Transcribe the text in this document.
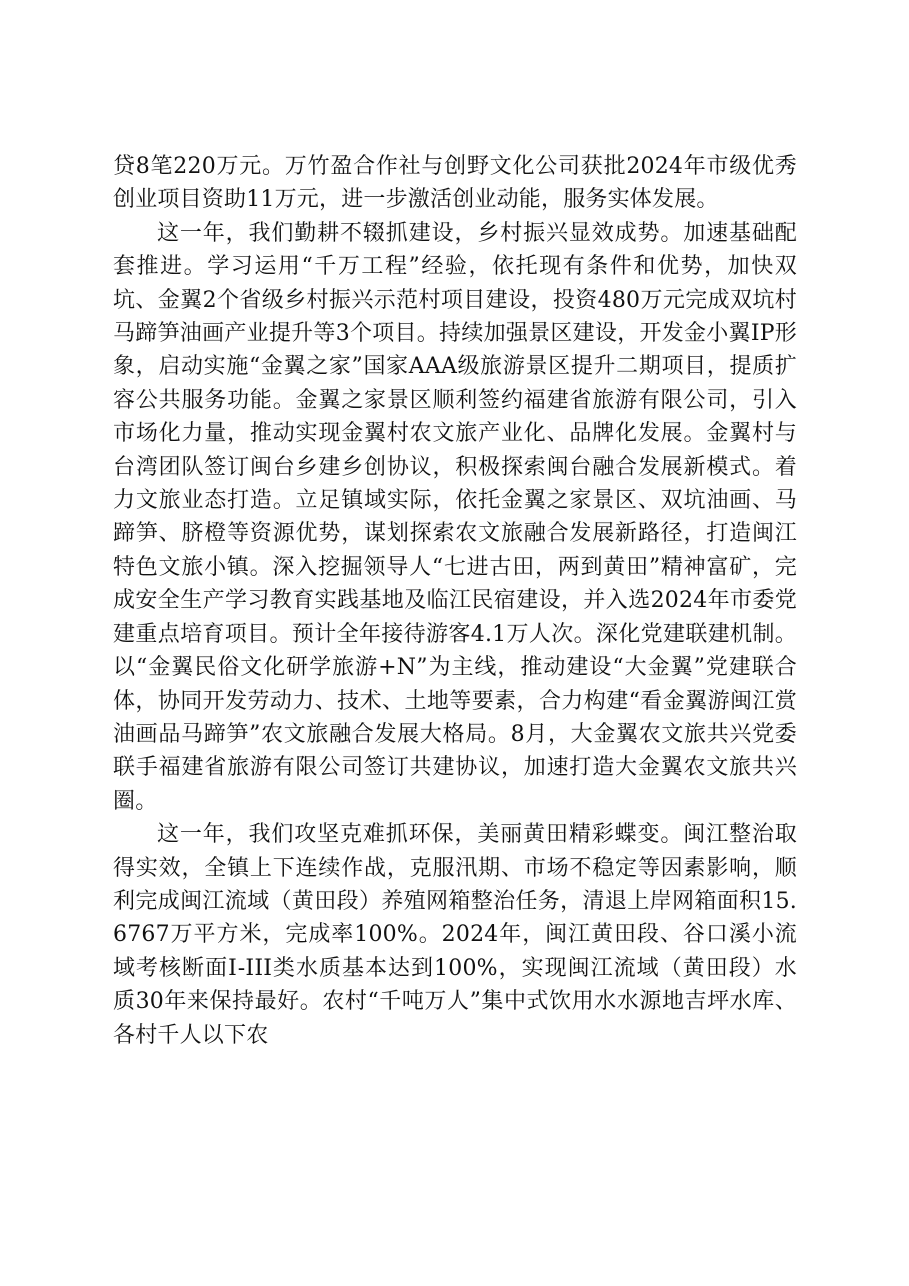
贷8笔220万元。万竹盈合作社与创野文化公司获批2024年市级优秀创业项目资助11万元，进一步激活创业动能，服务实体发展。

这一年，我们勤耕不辍抓建设，乡村振兴显效成势。加速基础配套推进。学习运用“千万工程”经验，依托现有条件和优势，加快双坑、金翼2个省级乡村振兴示范村项目建设，投资480万元完成双坑村马蹄笋油画产业提升等3个项目。持续加强景区建设，开发金小翼IP形象，启动实施“金翼之家”国家AAA级旅游景区提升二期项目，提质扩容公共服务功能。金翼之家景区顺利签约福建省旅游有限公司，引入市场化力量，推动实现金翼村农文旅产业化、品牌化发展。金翼村与台湾团队签订闽台乡建乡创协议，积极探索闽台融合发展新模式。着力文旅业态打造。立足镇域实际，依托金翼之家景区、双坑油画、马蹄笋、脐橙等资源优势，谋划探索农文旅融合发展新路径，打造闽江特色文旅小镇。深入挖掘领导人“七进古田，两到黄田”精神富矿，完成安全生产学习教育实践基地及临江民宿建设，并入选2024年市委党建重点培育项目。预计全年接待游客4.1万人次。深化党建联建机制。以“金翼民俗文化研学旅游+N”为主线，推动建设“大金翼”党建联合体，协同开发劳动力、技术、土地等要素，合力构建“看金翼游闽江赏油画品马蹄笋”农文旅融合发展大格局。8月，大金翼农文旅共兴党委联手福建省旅游有限公司签订共建协议，加速打造大金翼农文旅共兴圈。

这一年，我们攻坚克难抓环保，美丽黄田精彩蝶变。闽江整治取得实效，全镇上下连续作战，克服汛期、市场不稳定等因素影响，顺利完成闽江流域（黄田段）养殖网箱整治任务，清退上岸网箱面积15.6767万平方米，完成率100%。2024年，闽江黄田段、谷口溪小流域考核断面Ⅰ-III类水质基本达到100%，实现闽江流域（黄田段）水质30年来保持最好。农村“千吨万人”集中式饮用水水源地吉坪水库、各村千人以下农
